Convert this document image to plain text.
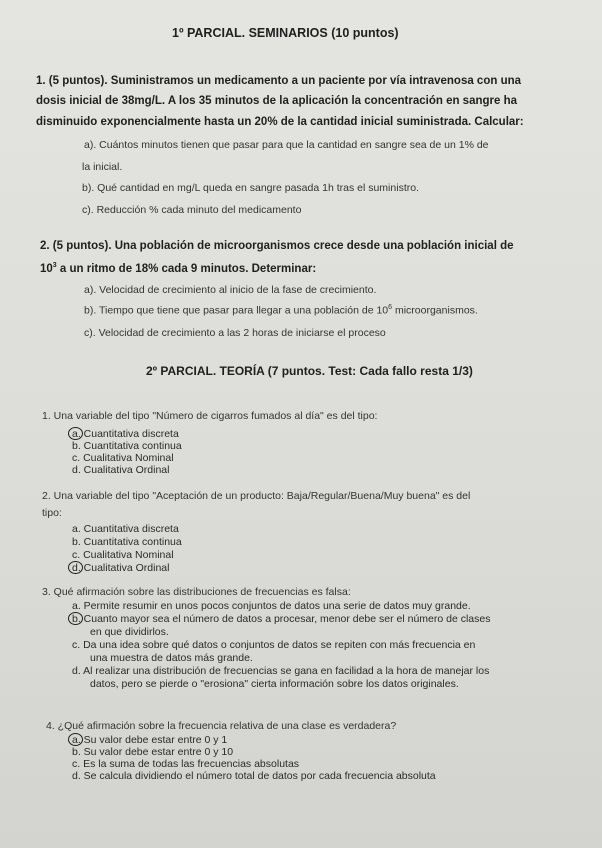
1º PARCIAL. SEMINARIOS (10 puntos)
1. (5 puntos). Suministramos un medicamento a un paciente por vía intravenosa con una
dosis inicial de 38mg/L. A los 35 minutos de la aplicación la concentración en sangre ha
disminuido exponencialmente hasta un 20% de la cantidad inicial suministrada. Calcular:
a). Cuántos minutos tienen que pasar para que la cantidad en sangre sea de un 1% de
la inicial.
b). Qué cantidad en mg/L queda en sangre pasada 1h tras el suministro.
c). Reducción % cada minuto del medicamento
2. (5 puntos). Una población de microorganismos crece desde una población inicial de
$10^3$ a un ritmo de 18% cada 9 minutos. Determinar:
a). Velocidad de crecimiento al inicio de la fase de crecimiento.
b). Tiempo que tiene que pasar para llegar a una población de $10^6$ microorganismos.
c). Velocidad de crecimiento a las 2 horas de iniciarse el proceso
2º PARCIAL. TEORÍA (7 puntos. Test: Cada fallo resta 1/3)
1. Una variable del tipo "Número de cigarros fumados al día" es del tipo:
a. Cuantitativa discreta
b. Cuantitativa continua
c. Cualitativa Nominal
d. Cualitativa Ordinal
2. Una variable del tipo "Aceptación de un producto: Baja/Regular/Buena/Muy buena" es del
tipo:
a. Cuantitativa discreta
b. Cuantitativa continua
c. Cualitativa Nominal
d. Cualitativa Ordinal
3. Qué afirmación sobre las distribuciones de frecuencias es falsa:
a. Permite resumir en unos pocos conjuntos de datos una serie de datos muy grande.
b. Cuanto mayor sea el número de datos a procesar, menor debe ser el número de clases
en que dividirlos.
c. Da una idea sobre qué datos o conjuntos de datos se repiten con más frecuencia en
una muestra de datos más grande.
d. Al realizar una distribución de frecuencias se gana en facilidad a la hora de manejar los
datos, pero se pierde o "erosiona" cierta información sobre los datos originales.
4. ¿Qué afirmación sobre la frecuencia relativa de una clase es verdadera?
a. Su valor debe estar entre 0 y 1
b. Su valor debe estar entre 0 y 10
c. Es la suma de todas las frecuencias absolutas
d. Se calcula dividiendo el número total de datos por cada frecuencia absoluta
